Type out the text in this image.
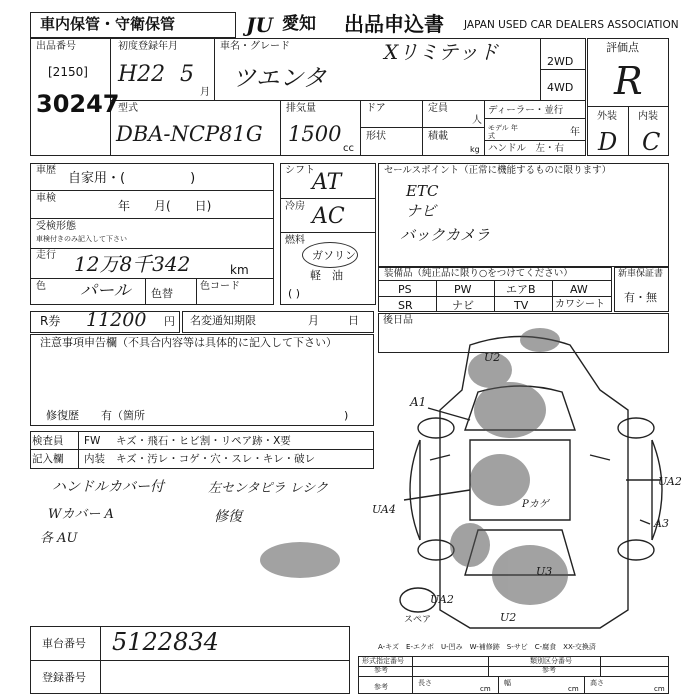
車内保管・守衛保管	JU 愛知 出品申込書 JAPAN USED CAR DEALERS ASSOCIATION
出品番号
[2150]
30247
初度登録年月
H22 5
月
車名・グレード
ツエンタ
Xリミテッド	2WD
4WD
評価点
R
型式
DBA-NCP81G
排気量
1500
cc
ドア	定員
人
形状	積載
kg
ディーラー・並行
モデル 年式	年
ハンドル　左・右
外装 内装
D C
車歴
自家用・(　　　　　)
車検
年　　月(　　日)
受検形態
車検付きのみ記入して下さい
走行 12万8千342	km
色 パール 色替
色コード
シフト
AT
冷房 AC
燃料
ガソリン
軽　油
( )
セールスポイント（正常に機能するものに限ります）
ETC
ナビ
バックカメラ
装備品（純正品に限り○をつけてください）
PS	PW	エアB	AW
SR	ナビ	TV	カワシート
新車保証書
有・無
R券 11200 円 名変通知期限	月	日 後日品
注意事項申告欄（不具合内容等は具体的に記入して下さい）
修復歴　　有（箇所	)
検査員
記入欄
FW キズ・飛石・ヒビ割・リペア跡・X要
内装 キズ・汚レ・コゲ・穴・スレ・キレ・破レ
ハンドルカバー付
Wカバー A
各 AU
左センタピラ レシク
修復
A1
U2
UA2
A3
U3
UA2
U2
UA4	Pカゲ
スペア
A-キズ　E-エクボ　U-凹み　W-補修跡　S-サビ　C-腐食　XX-交換済
車台番号 5122834
登録番号
形式指定番号
参考
類別区分番号
参考
参考	長さ
cm
幅
cm
高さ
cm
